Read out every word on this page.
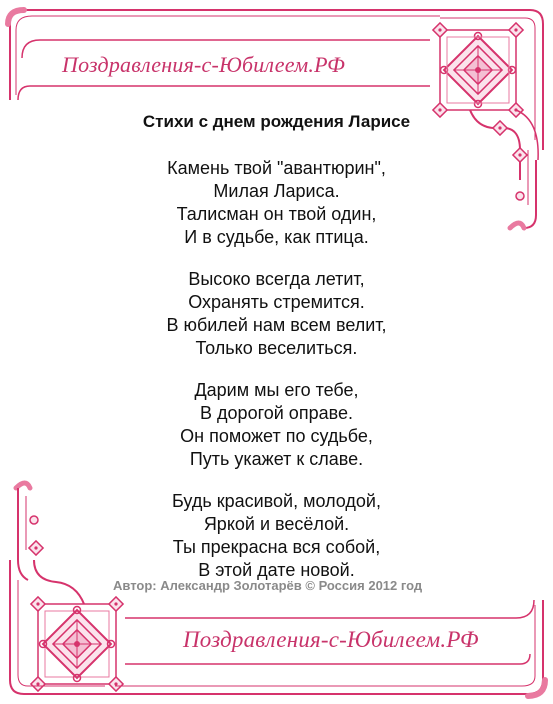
Поздравления-с-Юбилеем.РФ

Стихи с днем рождения Ларисе
Камень твой "авантюрин",
Милая Лариса.
Талисман он твой один,
И в судьбе, как птица.
Высоко всегда летит,
Охранять стремится.
В юбилей нам всем велит,
Только веселиться.
Дарим мы его тебе,
В дорогой оправе.
Он поможет по судьбе,
Путь укажет к славе.
Будь красивой, молодой,
Яркой и весёлой.
Ты прекрасна вся собой,
В этой дате новой.

Автор: Александр Золотарёв © Россия 2012 год

Поздравления-с-Юбилеем.РФ
